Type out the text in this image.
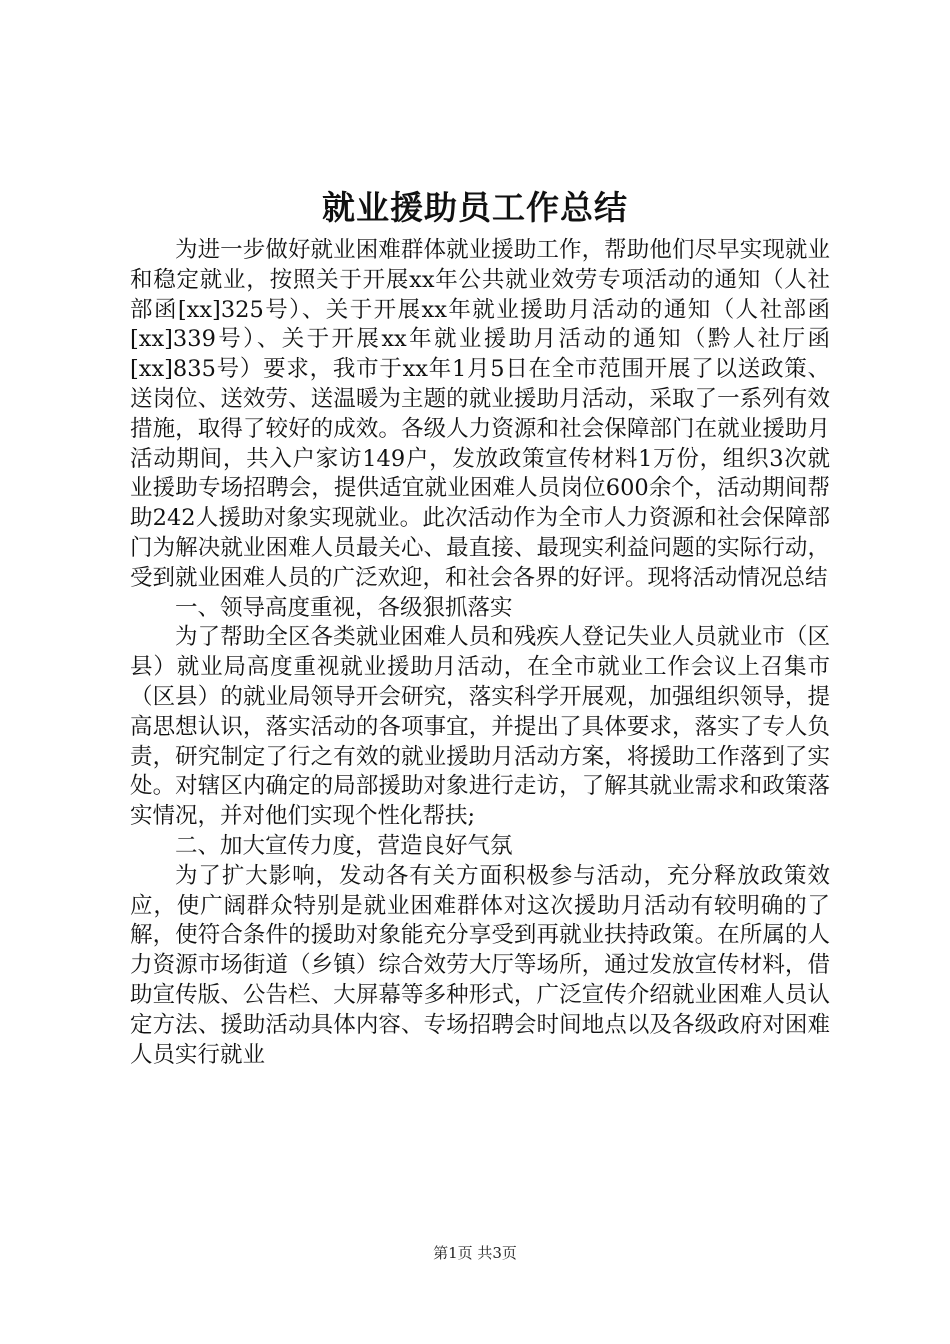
就业援助员工作总结

为进一步做好就业困难群体就业援助工作，帮助他们尽早实现就业和稳定就业，按照关于开展xx年公共就业效劳专项活动的通知（人社部函[xx]325号）、关于开展xx年就业援助月活动的通知（人社部函[xx]339号）、关于开展xx年就业援助月活动的通知（黔人社厅函[xx]835号）要求，我市于xx年1月5日在全市范围开展了以送政策、送岗位、送效劳、送温暖为主题的就业援助月活动，采取了一系列有效措施，取得了较好的成效。各级人力资源和社会保障部门在就业援助月活动期间，共入户家访149户，发放政策宣传材料1万份，组织3次就业援助专场招聘会，提供适宜就业困难人员岗位600余个，活动期间帮助242人援助对象实现就业。此次活动作为全市人力资源和社会保障部门为解决就业困难人员最关心、最直接、最现实利益问题的实际行动，受到就业困难人员的广泛欢迎，和社会各界的好评。现将活动情况总结

一、领导高度重视，各级狠抓落实

为了帮助全区各类就业困难人员和残疾人登记失业人员就业市（区县）就业局高度重视就业援助月活动，在全市就业工作会议上召集市（区县）的就业局领导开会研究，落实科学开展观，加强组织领导，提高思想认识，落实活动的各项事宜，并提出了具体要求，落实了专人负责，研究制定了行之有效的就业援助月活动方案，将援助工作落到了实处。对辖区内确定的局部援助对象进行走访，了解其就业需求和政策落实情况，并对他们实现个性化帮扶;

二、加大宣传力度，营造良好气氛

为了扩大影响，发动各有关方面积极参与活动，充分释放政策效应，使广阔群众特别是就业困难群体对这次援助月活动有较明确的了解，使符合条件的援助对象能充分享受到再就业扶持政策。在所属的人力资源市场街道（乡镇）综合效劳大厅等场所，通过发放宣传材料，借助宣传版、公告栏、大屏幕等多种形式，广泛宣传介绍就业困难人员认定方法、援助活动具体内容、专场招聘会时间地点以及各级政府对困难人员实行就业

第1页 共3页
